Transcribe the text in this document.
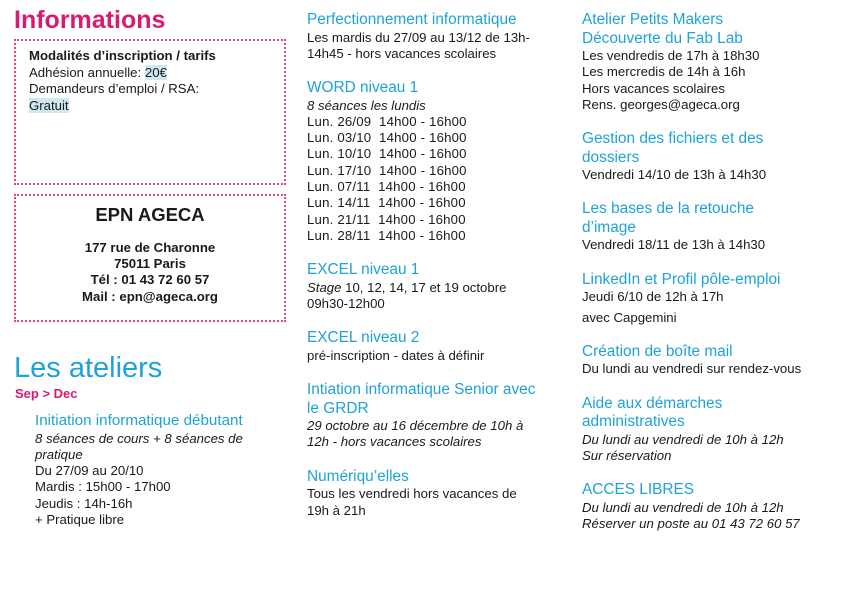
Informations
Modalités d’inscription / tarifs
Adhésion annuelle: 20€
Demandeurs d’emploi / RSA:
Gratuit
EPN AGECA
177 rue de Charonne
75011 Paris
Tél : 01 43 72 60 57
Mail : epn@ageca.org
Les ateliers
Sep > Dec
Initiation informatique débutant
8 séances de cours + 8 séances de pratique
Du 27/09 au 20/10
Mardis : 15h00 - 17h00
Jeudis : 14h-16h
+ Pratique libre
Perfectionnement informatique
Les mardis du 27/09 au 13/12 de 13h-14h45 - hors vacances scolaires
WORD niveau 1
8 séances les lundis
Lun. 26/09  14h00 - 16h00
Lun. 03/10  14h00 - 16h00
Lun. 10/10  14h00 - 16h00
Lun. 17/10  14h00 - 16h00
Lun. 07/11  14h00 - 16h00
Lun. 14/11  14h00 - 16h00
Lun. 21/11  14h00 - 16h00
Lun. 28/11  14h00 - 16h00
EXCEL niveau 1
Stage 10, 12, 14, 17 et 19 octobre
09h30-12h00
EXCEL niveau 2
pré-inscription - dates à définir
Intiation informatique Senior avec le GRDR
29 octobre au 16 décembre de 10h à 12h - hors vacances scolaires
Numériqu’elles
Tous les vendredi hors vacances de 19h à 21h
Atelier Petits Makers Découverte du Fab Lab
Les vendredis de 17h à 18h30
Les mercredis de 14h à 16h
Hors vacances scolaires
Rens. georges@ageca.org
Gestion des fichiers et des dossiers
Vendredi 14/10 de 13h à 14h30
Les bases de la retouche d’image
Vendredi 18/11 de 13h à 14h30
LinkedIn et Profil pôle-emploi
Jeudi 6/10 de 12h à 17h
avec Capgemini
Création de boîte mail
Du lundi au vendredi sur rendez-vous
Aide aux démarches administratives
Du lundi au vendredi de 10h à 12h
Sur réservation
ACCES LIBRES
Du lundi au vendredi de 10h à 12h
Réserver un poste au 01 43 72 60 57
